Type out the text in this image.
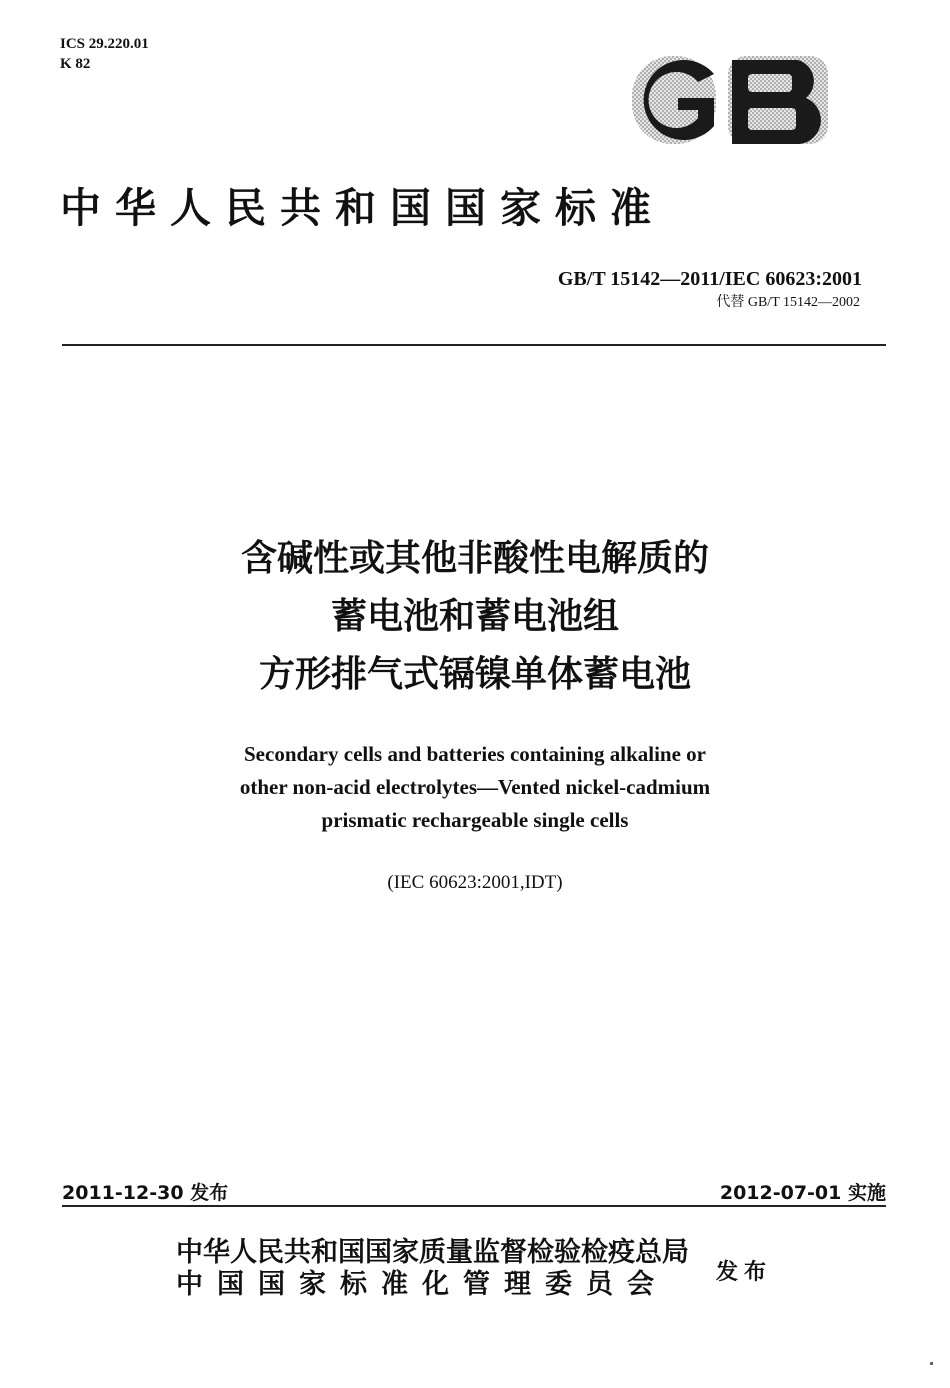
ICS 29.220.01
K 82
中华人民共和国国家标准
GB/T 15142—2011/IEC 60623:2001
代替 GB/T 15142—2002
含碱性或其他非酸性电解质的
蓄电池和蓄电池组
方形排气式镉镍单体蓄电池
Secondary cells and batteries containing alkaline or
other non-acid electrolytes—Vented nickel-cadmium
prismatic rechargeable single cells
(IEC 60623:2001,IDT)
2011-12-30 发布	2012-07-01 实施
中华人民共和国国家质量监督检验检疫总局
中国国家标准化管理委员会 发布
